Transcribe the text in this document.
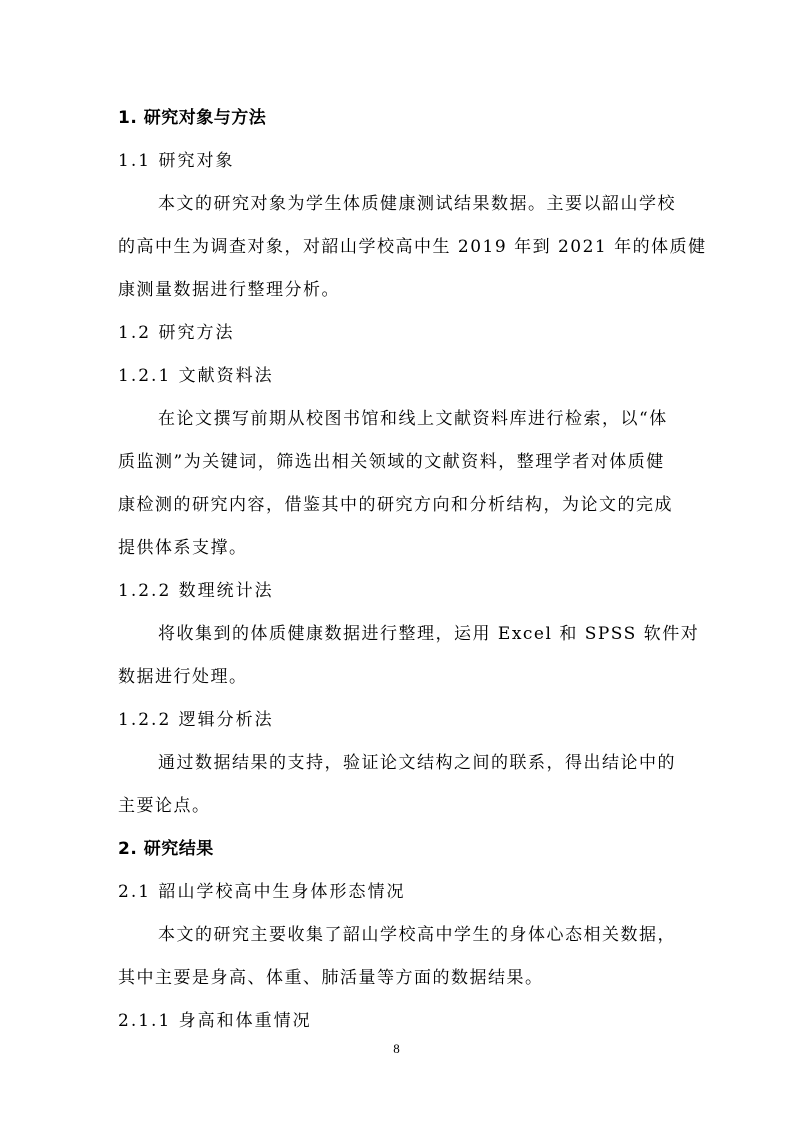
1. 研究对象与方法
1.1 研究对象
本文的研究对象为学生体质健康测试结果数据。主要以韶山学校
的高中生为调查对象，对韶山学校高中生 2019 年到 2021 年的体质健
康测量数据进行整理分析。
1.2 研究方法
1.2.1 文献资料法
在论文撰写前期从校图书馆和线上文献资料库进行检索，以“体
质监测”为关键词，筛选出相关领域的文献资料，整理学者对体质健
康检测的研究内容，借鉴其中的研究方向和分析结构，为论文的完成
提供体系支撑。
1.2.2 数理统计法
将收集到的体质健康数据进行整理，运用 Excel 和 SPSS 软件对
数据进行处理。
1.2.2 逻辑分析法
通过数据结果的支持，验证论文结构之间的联系，得出结论中的
主要论点。
2. 研究结果
2.1 韶山学校高中生身体形态情况
本文的研究主要收集了韶山学校高中学生的身体心态相关数据，
其中主要是身高、体重、肺活量等方面的数据结果。
2.1.1 身高和体重情况
8
